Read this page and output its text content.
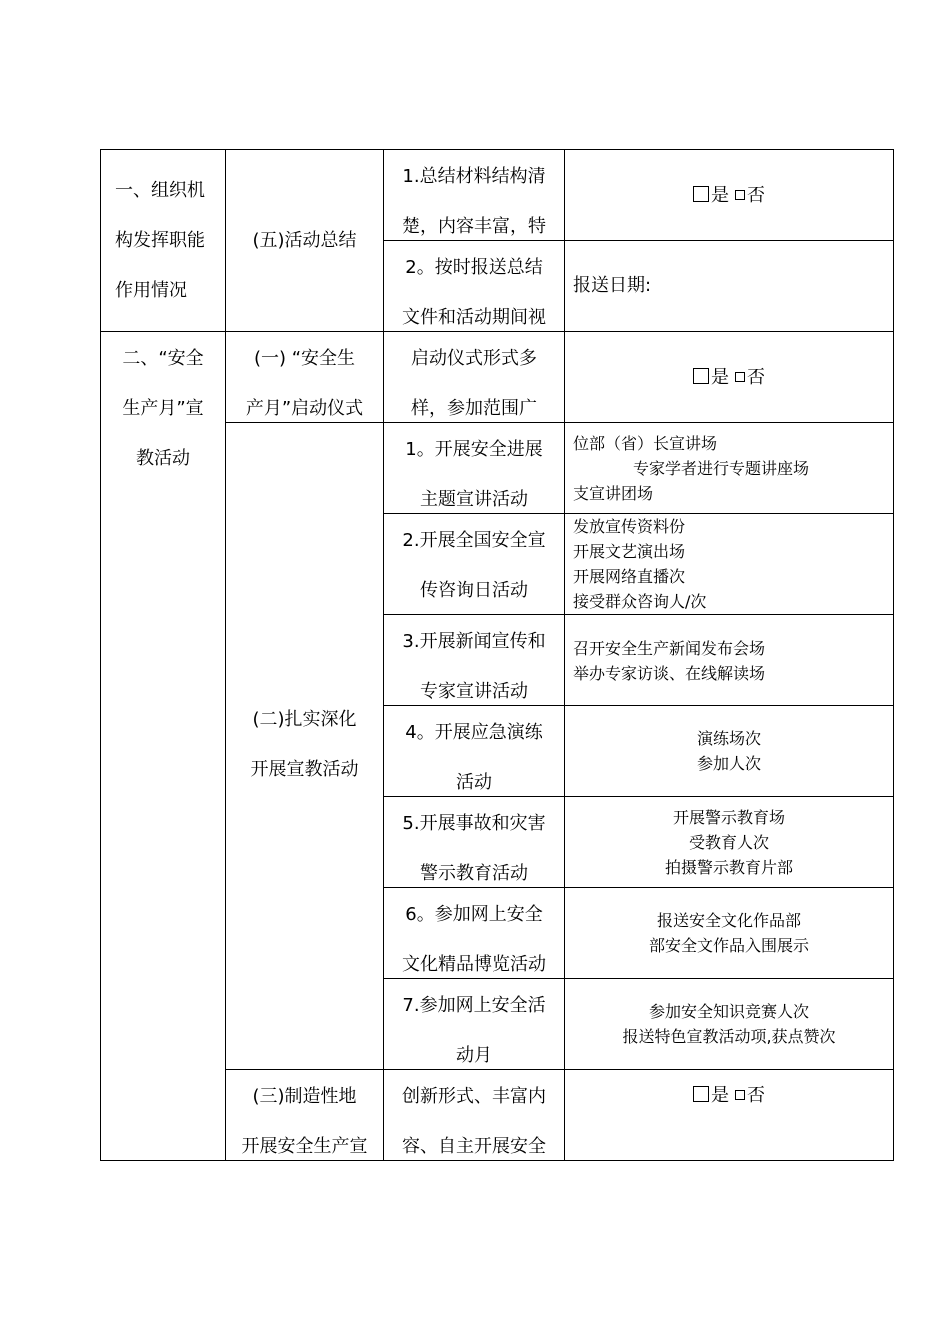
一、组织机
构发挥职能
作用情况	(五)活动总结	1.总结材料结构清
楚，内容丰富，特	是 否

		2。按时报送总结
文件和活动期间视	报送日期:

二、“安全
生产月”宣
教活动	(一) “安全生
产月”启动仪式	启动仪式形式多
样，参加范围广	是 否

	(二)扎实深化
开展宣教活动	1。开展安全进展
主题宣讲活动	位部（省）长宣讲场
专家学者进行专题讲座场
支宣讲团场

		2.开展全国安全宣
传咨询日活动	发放宣传资料份
开展文艺演出场
开展网络直播次
接受群众咨询人/次

		3.开展新闻宣传和
专家宣讲活动	召开安全生产新闻发布会场
举办专家访谈、在线解读场

		4。开展应急演练
活动	演练场次
参加人次

		5.开展事故和灾害
警示教育活动	开展警示教育场
受教育人次
拍摄警示教育片部

		6。参加网上安全
文化精品博览活动	报送安全文化作品部
部安全文作品入围展示

		7.参加网上安全活
动月	参加安全知识竞赛人次
报送特色宣教活动项,获点赞次

	(三)制造性地
开展安全生产宣	创新形式、丰富内
容、自主开展安全	是 否
